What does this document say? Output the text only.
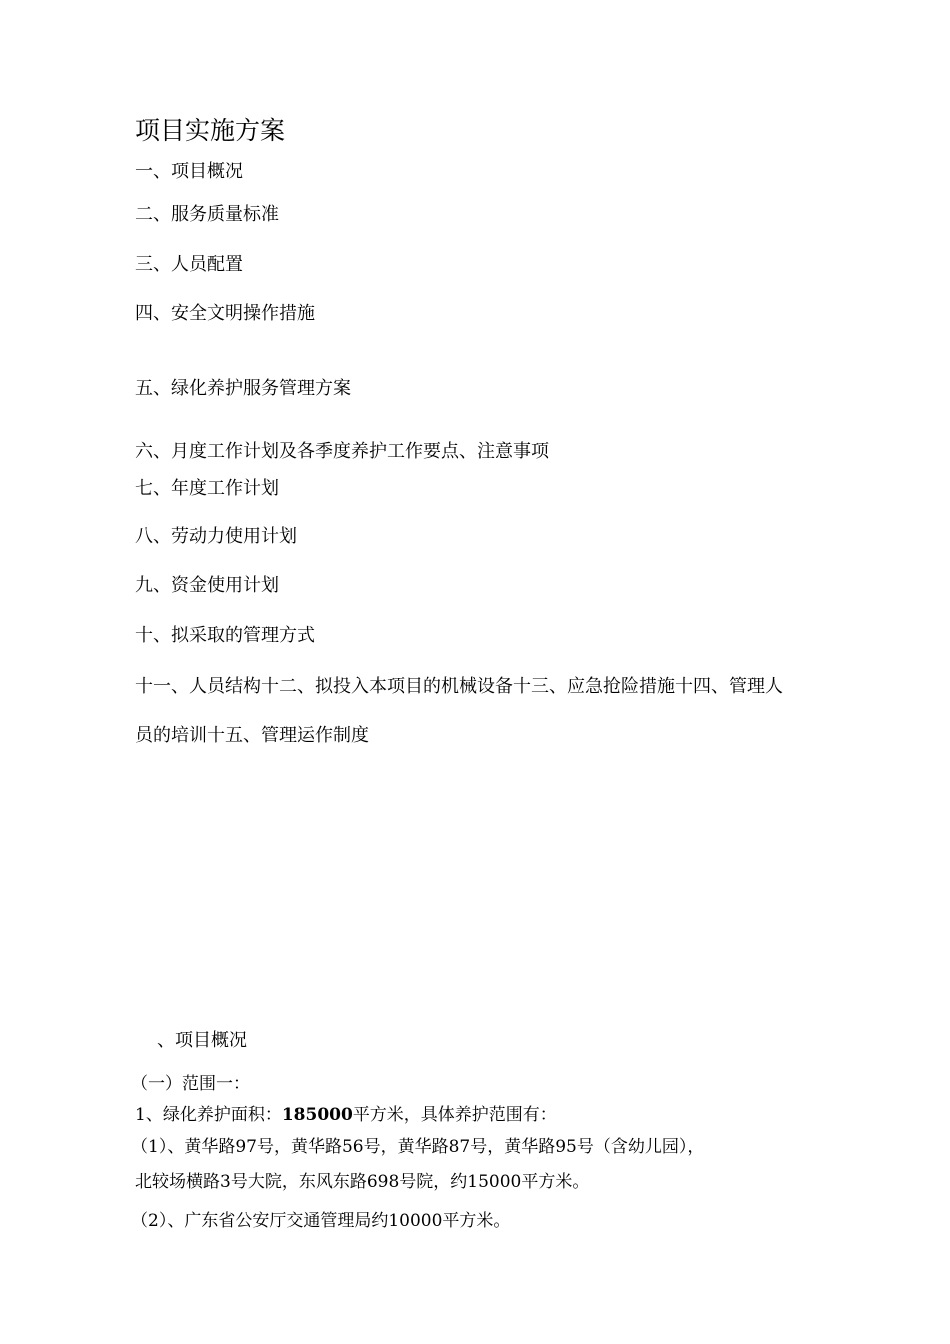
项目实施方案
一、项目概况
二、服务质量标准
三、人员配置
四、安全文明操作措施
五、绿化养护服务管理方案
六、月度工作计划及各季度养护工作要点、注意事项
七、年度工作计划
八、劳动力使用计划
九、资金使用计划
十、拟采取的管理方式
十一、人员结构十二、拟投入本项目的机械设备十三、应急抢险措施十四、管理人
员的培训十五、管理运作制度
、项目概况
（一）范围一：
1、绿化养护面积：185000平方米，具体养护范围有：
（1）、黄华路97号，黄华路56号，黄华路87号，黄华路95号（含幼儿园），
北较场横路3号大院，东风东路698号院，约15000平方米。
（2）、广东省公安厅交通管理局约10000平方米。
